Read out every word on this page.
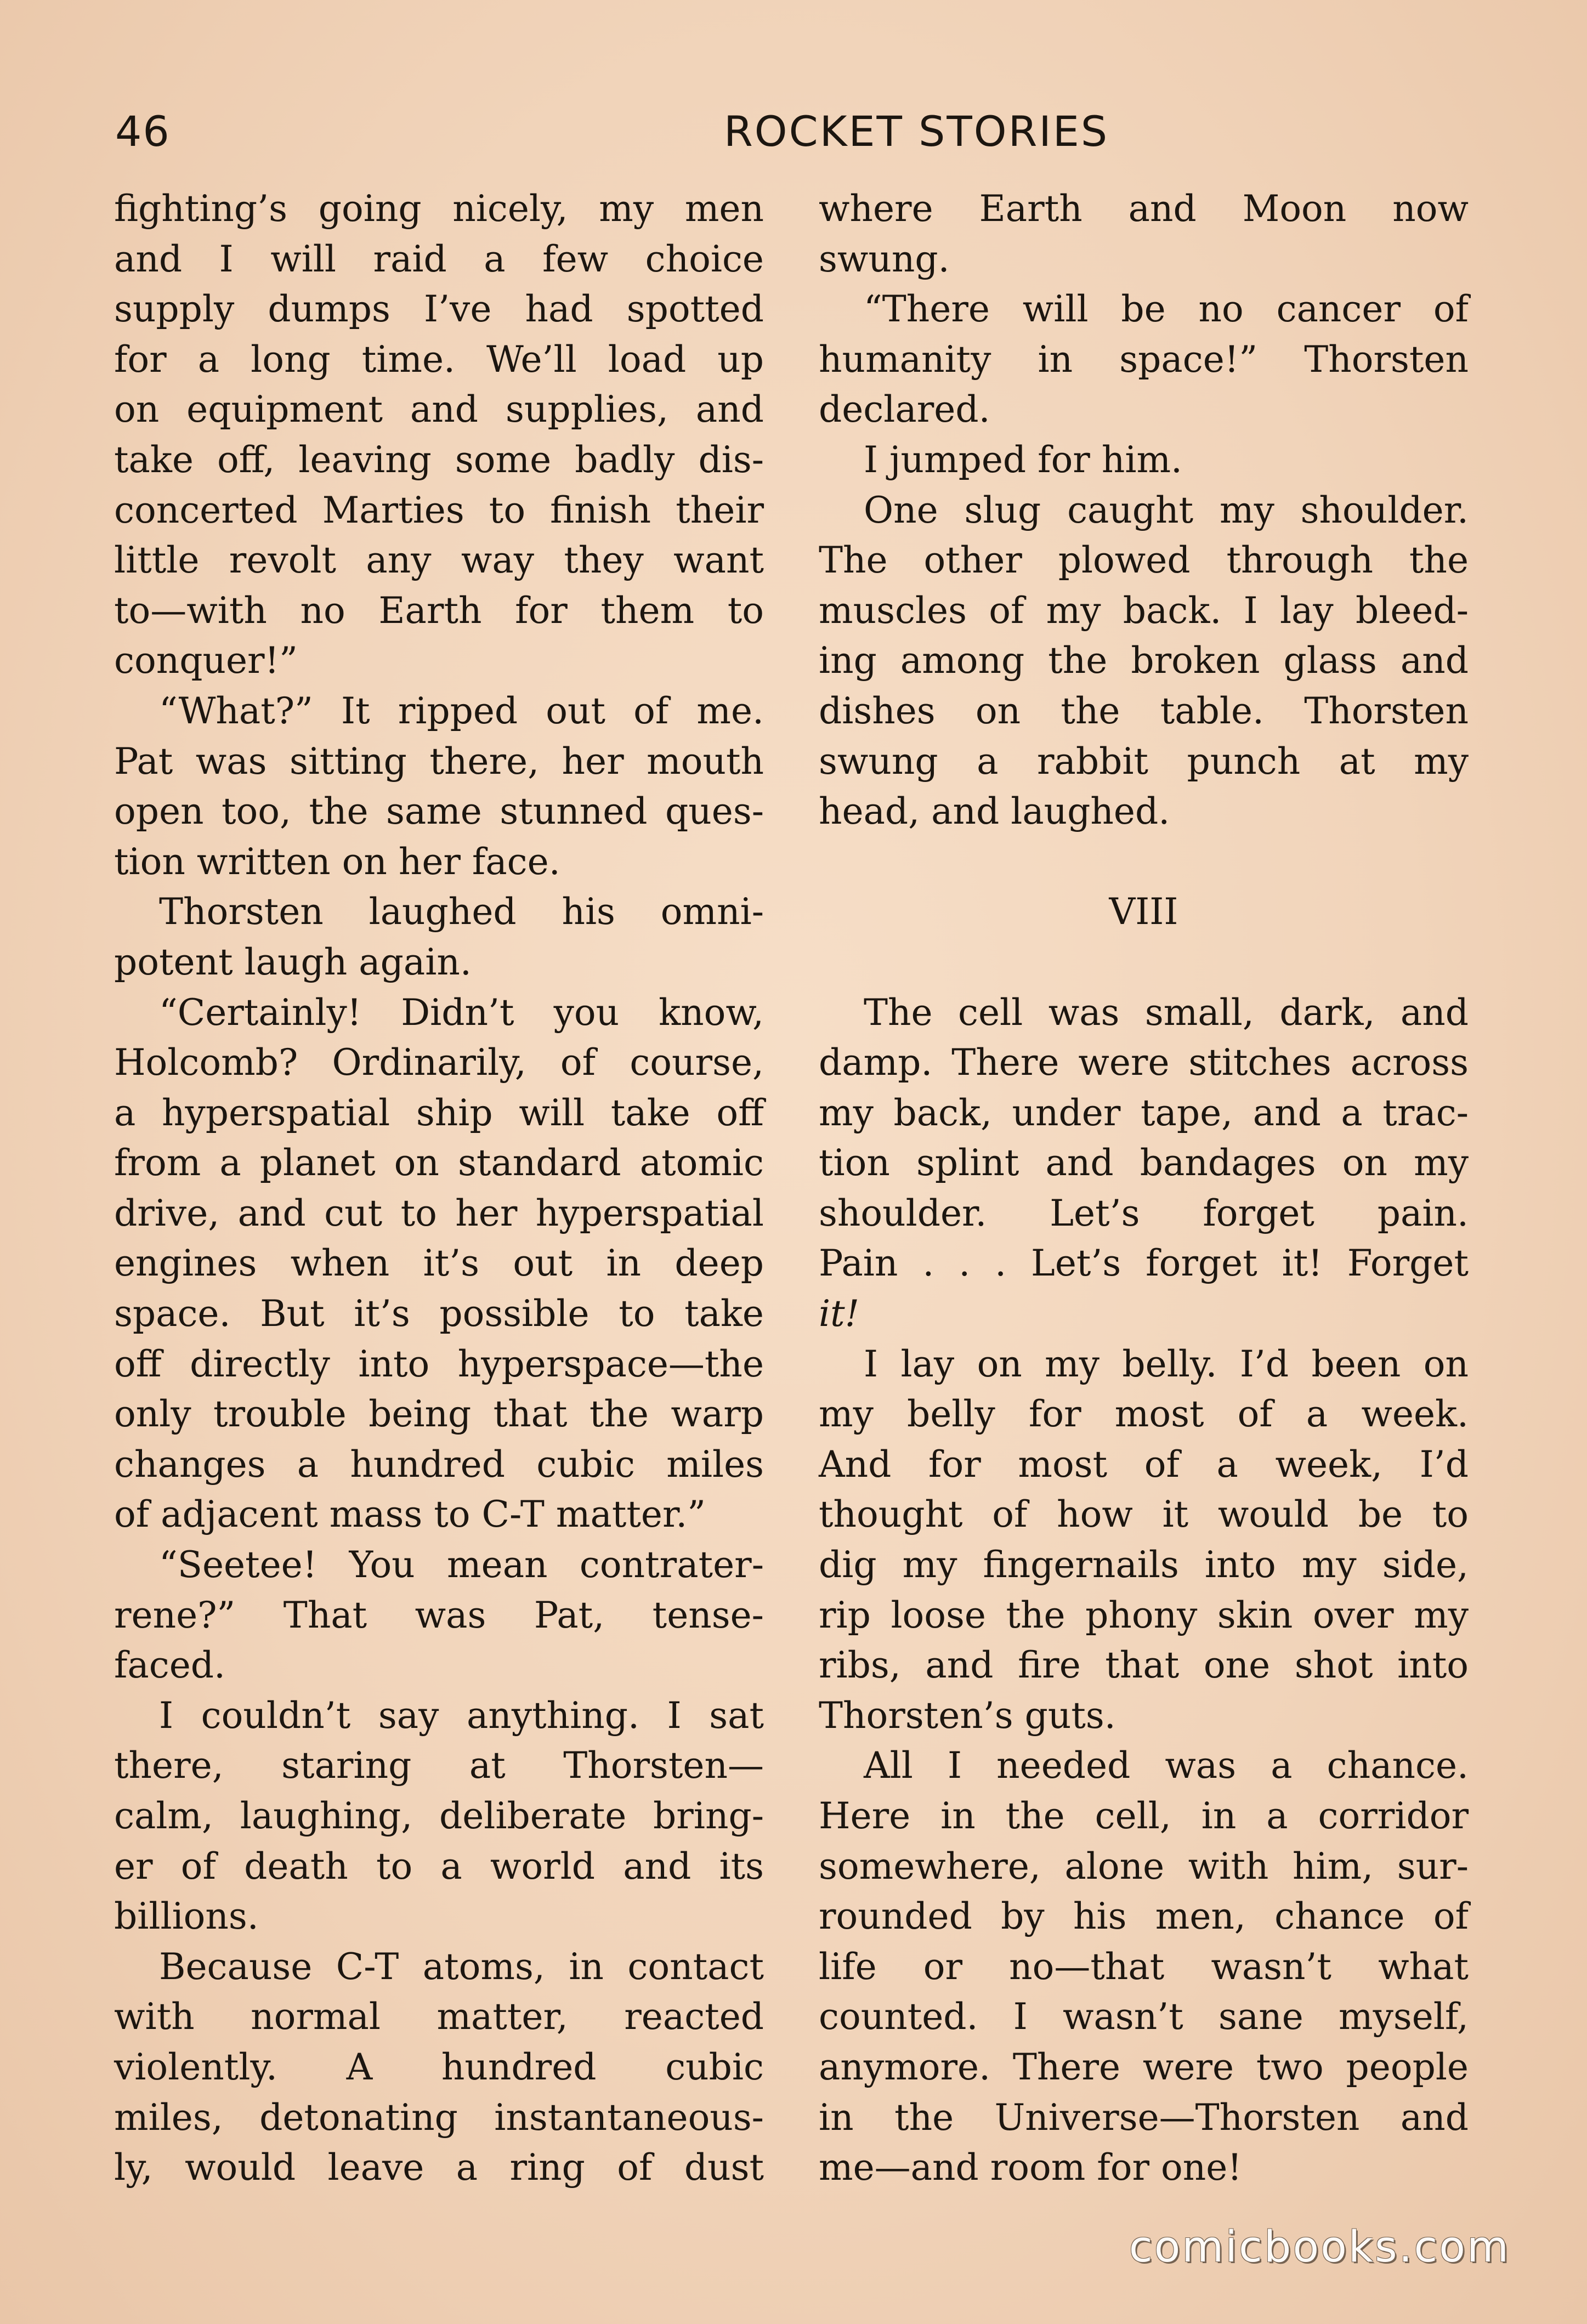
46	ROCKET STORIES
fighting’s going nicely, my men
and I will raid a few choice
supply dumps I’ve had spotted
for a long time. We’ll load up
on equipment and supplies, and
take off, leaving some badly dis-
concerted Marties to finish their
little revolt any way they want
to—with no Earth for them to
conquer!”
“What?” It ripped out of me.
Pat was sitting there, her mouth
open too, the same stunned ques-
tion written on her face.
Thorsten laughed his omni-
potent laugh again.
“Certainly! Didn’t you know,
Holcomb? Ordinarily, of course,
a hyperspatial ship will take off
from a planet on standard atomic
drive, and cut to her hyperspatial
engines when it’s out in deep
space. But it’s possible to take
off directly into hyperspace—the
only trouble being that the warp
changes a hundred cubic miles
of adjacent mass to C-T matter.”
“Seetee! You mean contrater-
rene?” That was Pat, tense-
faced.
I couldn’t say anything. I sat
there, staring at Thorsten—
calm, laughing, deliberate bring-
er of death to a world and its
billions.
Because C-T atoms, in contact
with normal matter, reacted
violently. A hundred cubic
miles, detonating instantaneous-
ly, would leave a ring of dust
where Earth and Moon now
swung.
“There will be no cancer of
humanity in space!” Thorsten
declared.
I jumped for him.
One slug caught my shoulder.
The other plowed through the
muscles of my back. I lay bleed-
ing among the broken glass and
dishes on the table. Thorsten
swung a rabbit punch at my
head, and laughed.
VIII
The cell was small, dark, and
damp. There were stitches across
my back, under tape, and a trac-
tion splint and bandages on my
shoulder. Let’s forget pain.
Pain . . . Let’s forget it! Forget
it!
I lay on my belly. I’d been on
my belly for most of a week.
And for most of a week, I’d
thought of how it would be to
dig my fingernails into my side,
rip loose the phony skin over my
ribs, and fire that one shot into
Thorsten’s guts.
All I needed was a chance.
Here in the cell, in a corridor
somewhere, alone with him, sur-
rounded by his men, chance of
life or no—that wasn’t what
counted. I wasn’t sane myself,
anymore. There were two people
in the Universe—Thorsten and
me—and room for one!
comicbooks.com
